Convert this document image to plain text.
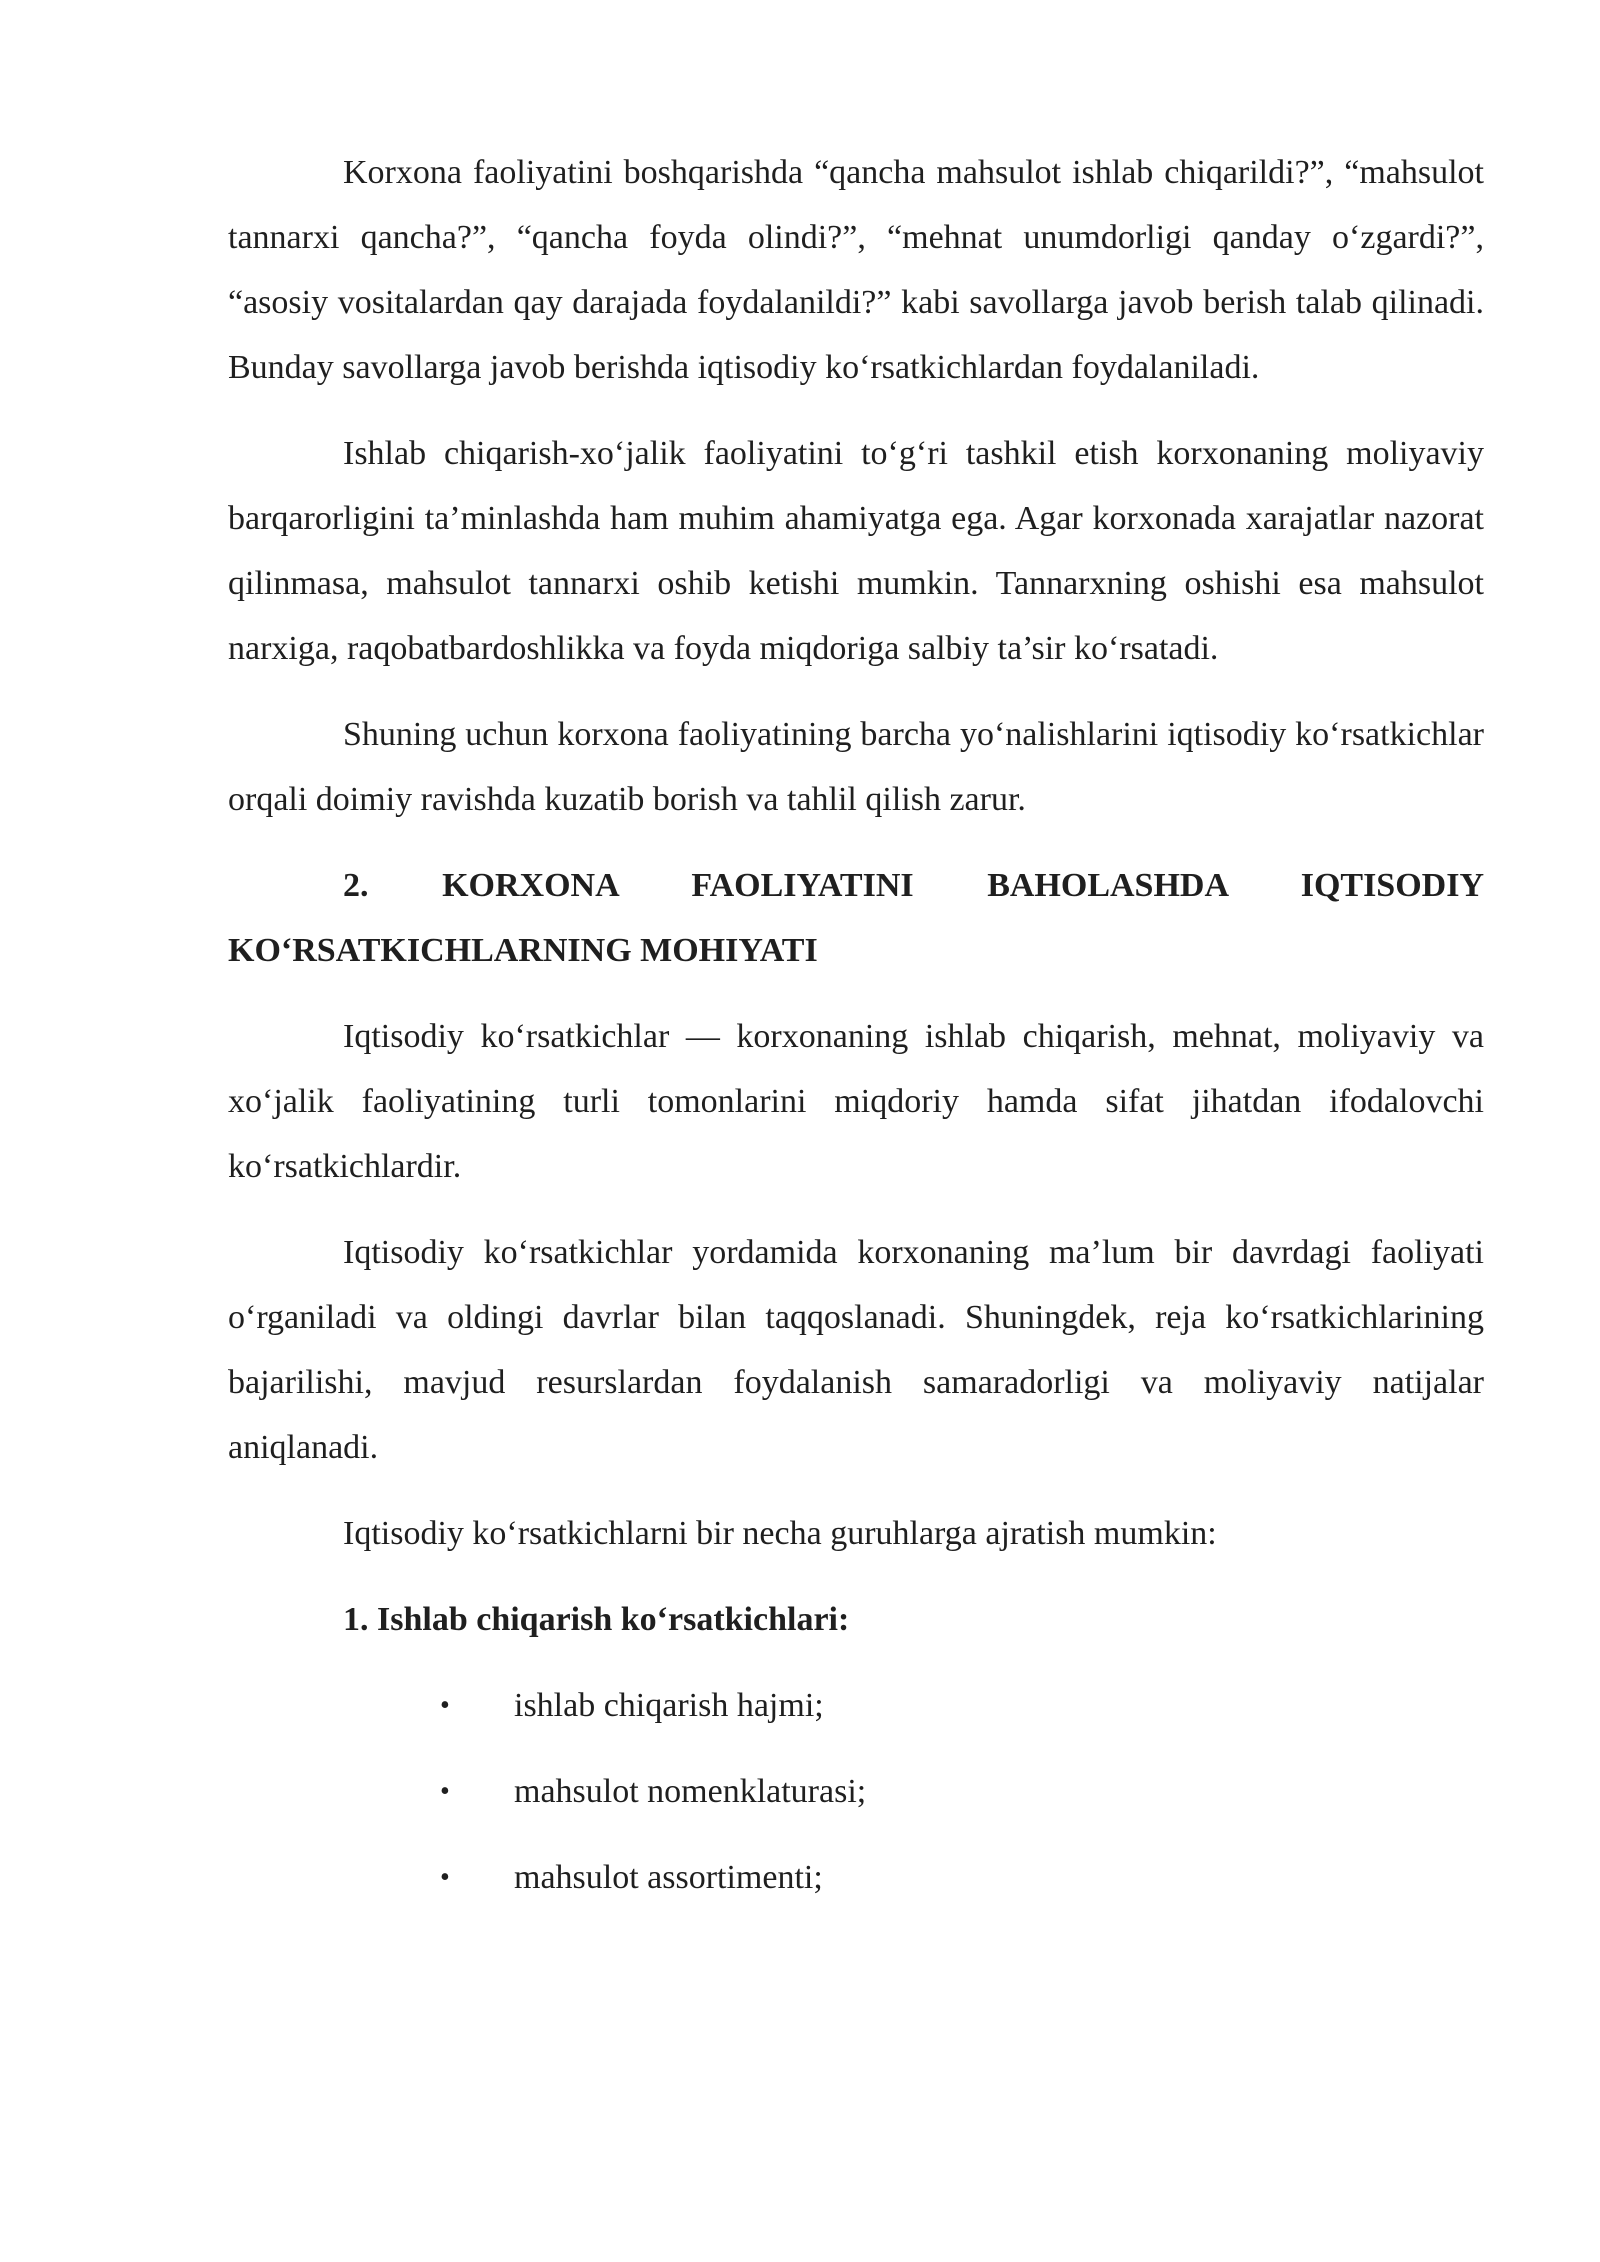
Korxona faoliyatini boshqarishda “qancha mahsulot ishlab chiqarildi?”, “mahsulot tannarxi qancha?”, “qancha foyda olindi?”, “mehnat unumdorligi qanday o‘zgardi?”, “asosiy vositalardan qay darajada foydalanildi?” kabi savollarga javob berish talab qilinadi. Bunday savollarga javob berishda iqtisodiy ko‘rsatkichlardan foydalaniladi.

Ishlab chiqarish-xo‘jalik faoliyatini to‘g‘ri tashkil etish korxonaning moliyaviy barqarorligini ta’minlashda ham muhim ahamiyatga ega. Agar korxonada xarajatlar nazorat qilinmasa, mahsulot tannarxi oshib ketishi mumkin. Tannarxning oshishi esa mahsulot narxiga, raqobatbardoshlikka va foyda miqdoriga salbiy ta’sir ko‘rsatadi.

Shuning uchun korxona faoliyatining barcha yo‘nalishlarini iqtisodiy ko‘rsatkichlar orqali doimiy ravishda kuzatib borish va tahlil qilish zarur.

2. KORXONA FAOLIYATINI BAHOLASHDA IQTISODIY KO‘RSATKICHLARNING MOHIYATI

Iqtisodiy ko‘rsatkichlar — korxonaning ishlab chiqarish, mehnat, moliyaviy va xo‘jalik faoliyatining turli tomonlarini miqdoriy hamda sifat jihatdan ifodalovchi ko‘rsatkichlardir.

Iqtisodiy ko‘rsatkichlar yordamida korxonaning ma’lum bir davrdagi faoliyati o‘rganiladi va oldingi davrlar bilan taqqoslanadi. Shuningdek, reja ko‘rsatkichlarining bajarilishi, mavjud resurslardan foydalanish samaradorligi va moliyaviy natijalar aniqlanadi.

Iqtisodiy ko‘rsatkichlarni bir necha guruhlarga ajratish mumkin:

1. Ishlab chiqarish ko‘rsatkichlari:

• ishlab chiqarish hajmi;
• mahsulot nomenklaturasi;
• mahsulot assortimenti;
